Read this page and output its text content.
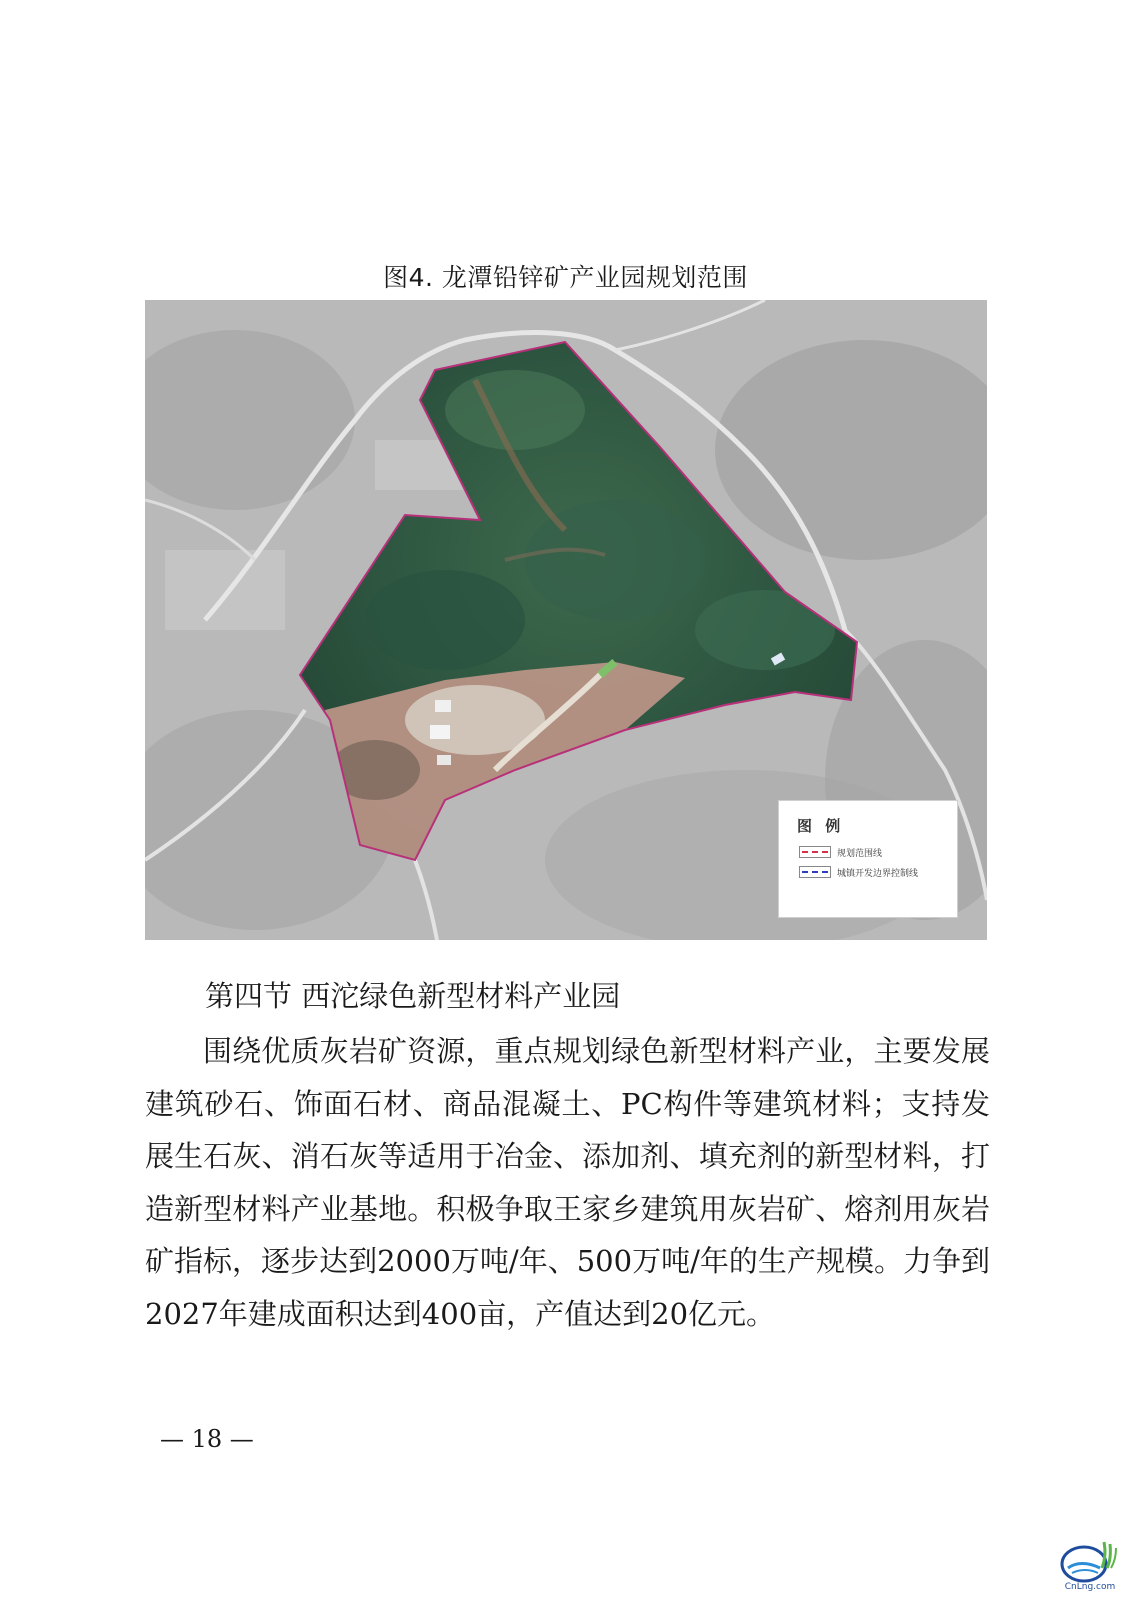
图4. 龙潭铅锌矿产业园规划范围
图 例
规划范围线
城镇开发边界控制线
第四节 西沱绿色新型材料产业园

围绕优质灰岩矿资源，重点规划绿色新型材料产业，主要发展建筑砂石、饰面石材、商品混凝土、PC构件等建筑材料；支持发展生石灰、消石灰等适用于冶金、添加剂、填充剂的新型材料，打造新型材料产业基地。积极争取王家乡建筑用灰岩矿、熔剂用灰岩矿指标，逐步达到2000万吨/年、500万吨/年的生产规模。力争到2027年建成面积达到400亩，产值达到20亿元。

— 18 —
CnLng.com
